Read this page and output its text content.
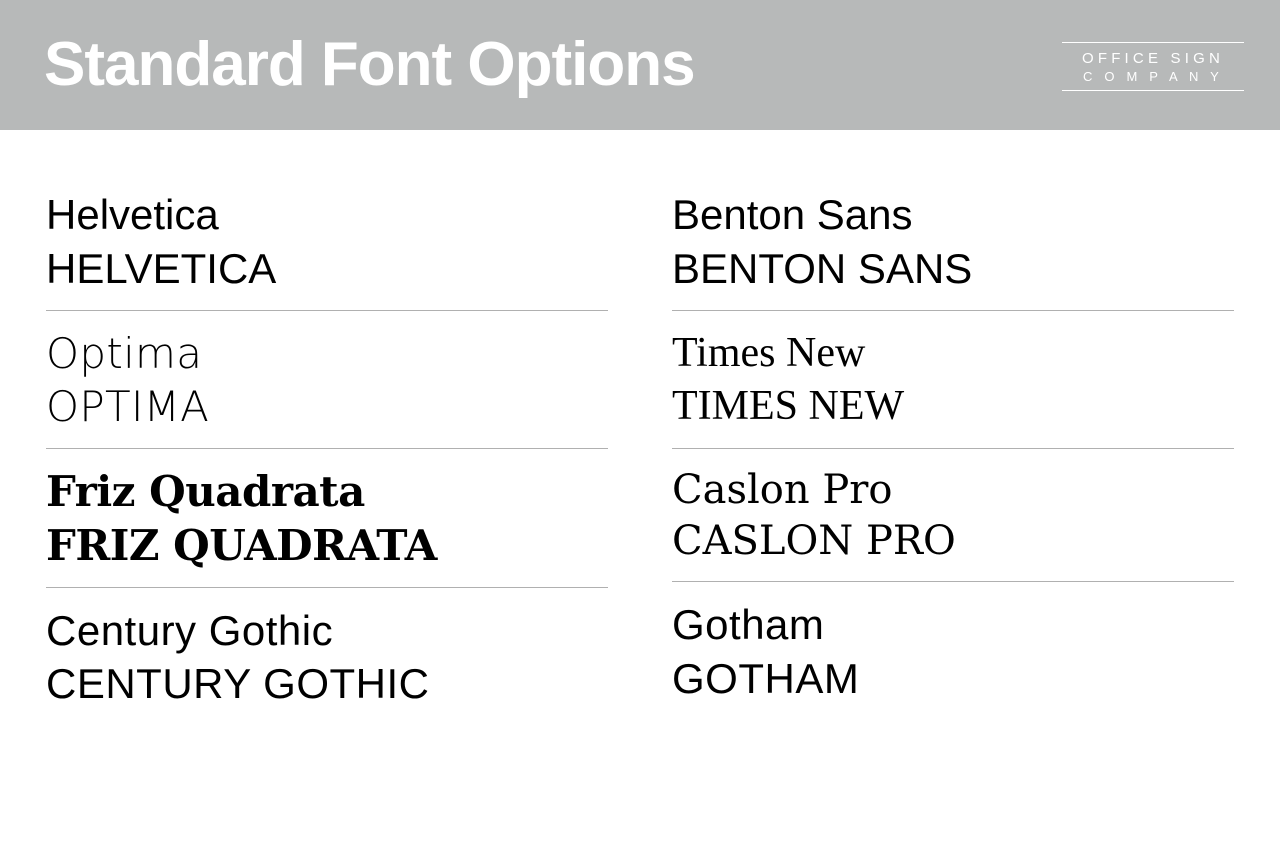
Standard Font Options	OFFICE SIGN
C O M P A N Y
Helvetica
HELVETICA
Optima
OPTIMA
Friz Quadrata
FRIZ QUADRATA
Century Gothic
CENTURY GOTHIC
Benton Sans
BENTON SANS
Times New
TIMES NEW
Caslon Pro
CASLON PRO
Gotham
GOTHAM
